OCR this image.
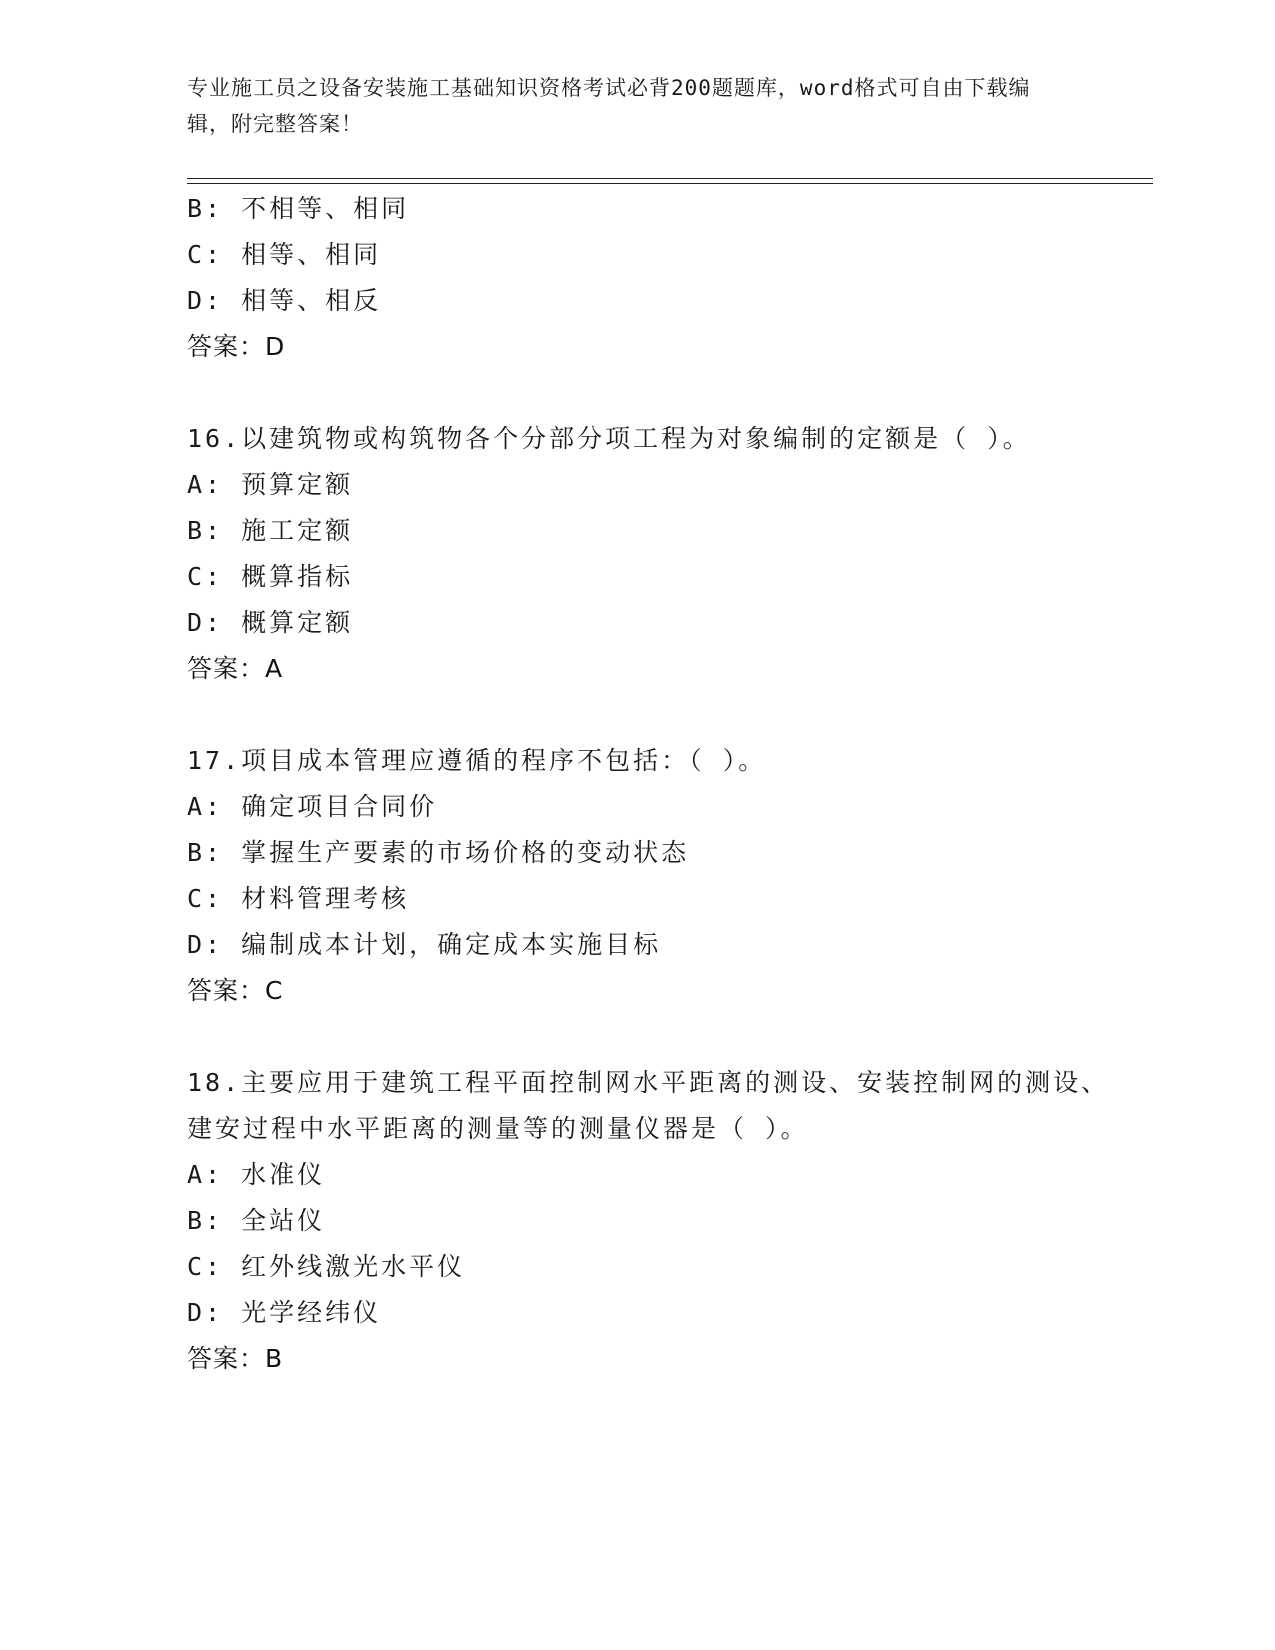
专业施工员之设备安装施工基础知识资格考试必背200题题库，word格式可自由下载编辑，附完整答案！
B: 不相等、相同
C: 相等、相同
D: 相等、相反
答案：D
16.以建筑物或构筑物各个分部分项工程为对象编制的定额是（ ）。
A: 预算定额
B: 施工定额
C: 概算指标
D: 概算定额
答案：A
17.项目成本管理应遵循的程序不包括：（ ）。
A: 确定项目合同价
B: 掌握生产要素的市场价格的变动状态
C: 材料管理考核
D: 编制成本计划，确定成本实施目标
答案：C
18.主要应用于建筑工程平面控制网水平距离的测设、安装控制网的测设、建安过程中水平距离的测量等的测量仪器是（ ）。
A: 水准仪
B: 全站仪
C: 红外线激光水平仪
D: 光学经纬仪
答案：B
